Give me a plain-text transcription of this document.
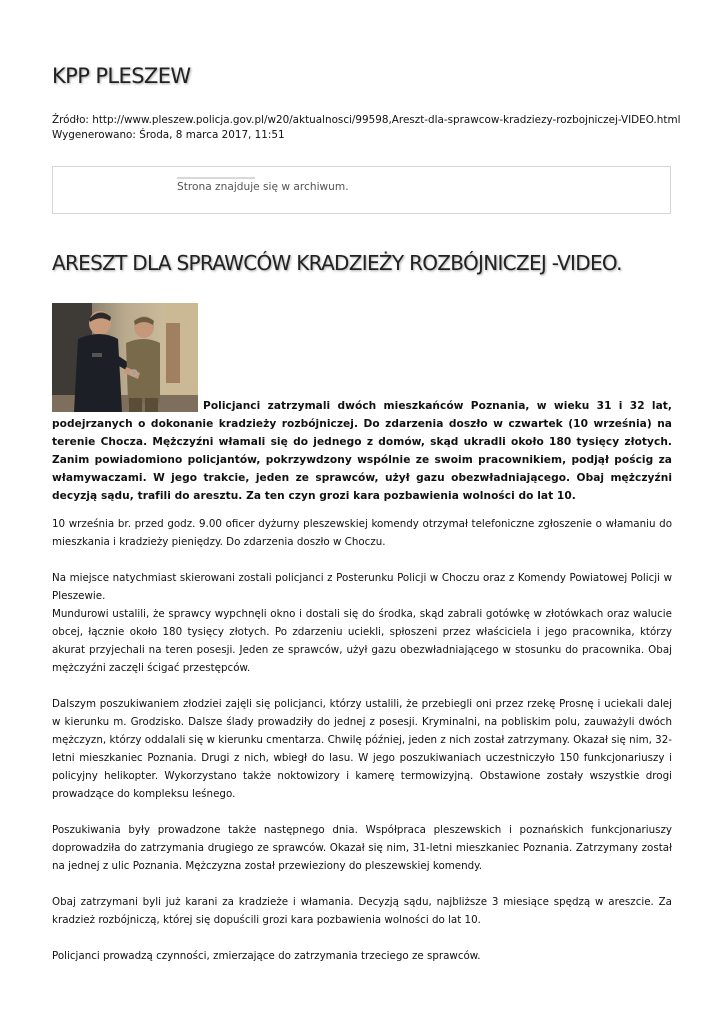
KPP PLESZEW
Źródło: http://www.pleszew.policja.gov.pl/w20/aktualnosci/99598,Areszt-dla-sprawcow-kradziezy-rozbojniczej-VIDEO.html
Wygenerowano: Środa, 8 marca 2017, 11:51
Strona znajduje się w archiwum.
ARESZT DLA SPRAWCÓW KRADZIEŻY ROZBÓJNICZEJ -VIDEO.

Policjanci zatrzymali dwóch mieszkańców Poznania, w wieku 31 i 32 lat, podejrzanych o dokonanie kradzieży rozbójniczej. Do zdarzenia doszło w czwartek (10 września) na terenie Chocza. Mężczyźni włamali się do jednego z domów, skąd ukradli około 180 tysięcy złotych. Zanim powiadomiono policjantów, pokrzywdzony wspólnie ze swoim pracownikiem, podjął pościg za włamywaczami. W jego trakcie, jeden ze sprawców, użył gazu obezwładniającego. Obaj mężczyźni decyzją sądu, trafili do aresztu. Za ten czyn grozi kara pozbawienia wolności do lat 10.

10 września br. przed godz. 9.00 oficer dyżurny pleszewskiej komendy otrzymał telefoniczne zgłoszenie o włamaniu do mieszkania i kradzieży pieniędzy. Do zdarzenia doszło w Choczu.

Na miejsce natychmiast skierowani zostali policjanci z Posterunku Policji w Choczu oraz z Komendy Powiatowej Policji w Pleszewie.

Mundurowi ustalili, że sprawcy wypchnęli okno i dostali się do środka, skąd zabrali gotówkę w złotówkach oraz walucie obcej, łącznie około 180 tysięcy złotych. Po zdarzeniu uciekli, spłoszeni przez właściciela i jego pracownika, którzy akurat przyjechali na teren posesji. Jeden ze sprawców, użył gazu obezwładniającego w stosunku do pracownika. Obaj mężczyźni zaczęli ścigać przestępców.

Dalszym poszukiwaniem złodziei zajęli się policjanci, którzy ustalili, że przebiegli oni przez rzekę Prosnę i uciekali dalej w kierunku m. Grodzisko. Dalsze ślady prowadziły do jednej z posesji. Kryminalni, na pobliskim polu, zauważyli dwóch mężczyzn, którzy oddalali się w kierunku cmentarza. Chwilę później, jeden z nich został zatrzymany. Okazał się nim, 32-letni mieszkaniec Poznania. Drugi z nich, wbiegł do lasu. W jego poszukiwaniach uczestniczyło 150 funkcjonariuszy i policyjny helikopter. Wykorzystano także noktowizory i kamerę termowizyjną. Obstawione zostały wszystkie drogi prowadzące do kompleksu leśnego.

Poszukiwania były prowadzone także następnego dnia. Współpraca pleszewskich i poznańskich funkcjonariuszy doprowadziła do zatrzymania drugiego ze sprawców. Okazał się nim, 31-letni mieszkaniec Poznania. Zatrzymany został na jednej z ulic Poznania. Mężczyzna został przewieziony do pleszewskiej komendy.

Obaj zatrzymani byli już karani za kradzieże i włamania. Decyzją sądu, najbliższe 3 miesiące spędzą w areszcie. Za kradzież rozbójniczą, której się dopuścili grozi kara pozbawienia wolności do lat 10.

Policjanci prowadzą czynności, zmierzające do zatrzymania trzeciego ze sprawców.
